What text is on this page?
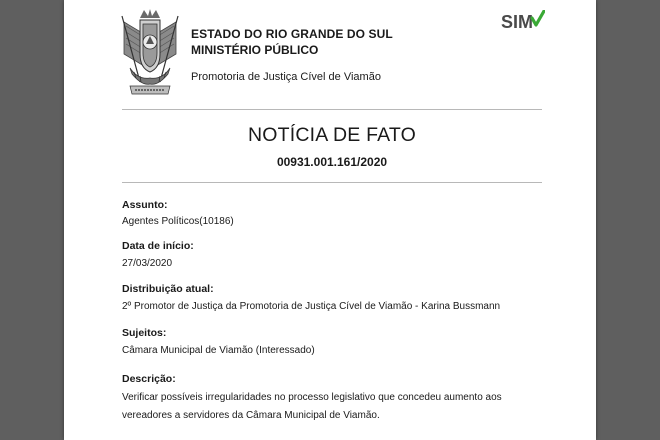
ESTADO DO RIO GRANDE DO SUL
MINISTÉRIO PÚBLICO
Promotoria de Justiça Cível de Viamão
SIM
NOTÍCIA DE FATO
00931.001.161/2020
Assunto:
Agentes Políticos(10186)
Data de início:
27/03/2020
Distribuição atual:
2º Promotor de Justiça da Promotoria de Justiça Cível de Viamão - Karina Bussmann
Sujeitos:
Câmara Municipal de Viamão (Interessado)
Descrição:
Verificar possíveis irregularidades no processo legislativo que concedeu aumento aos vereadores a servidores da Câmara Municipal de Viamão.
